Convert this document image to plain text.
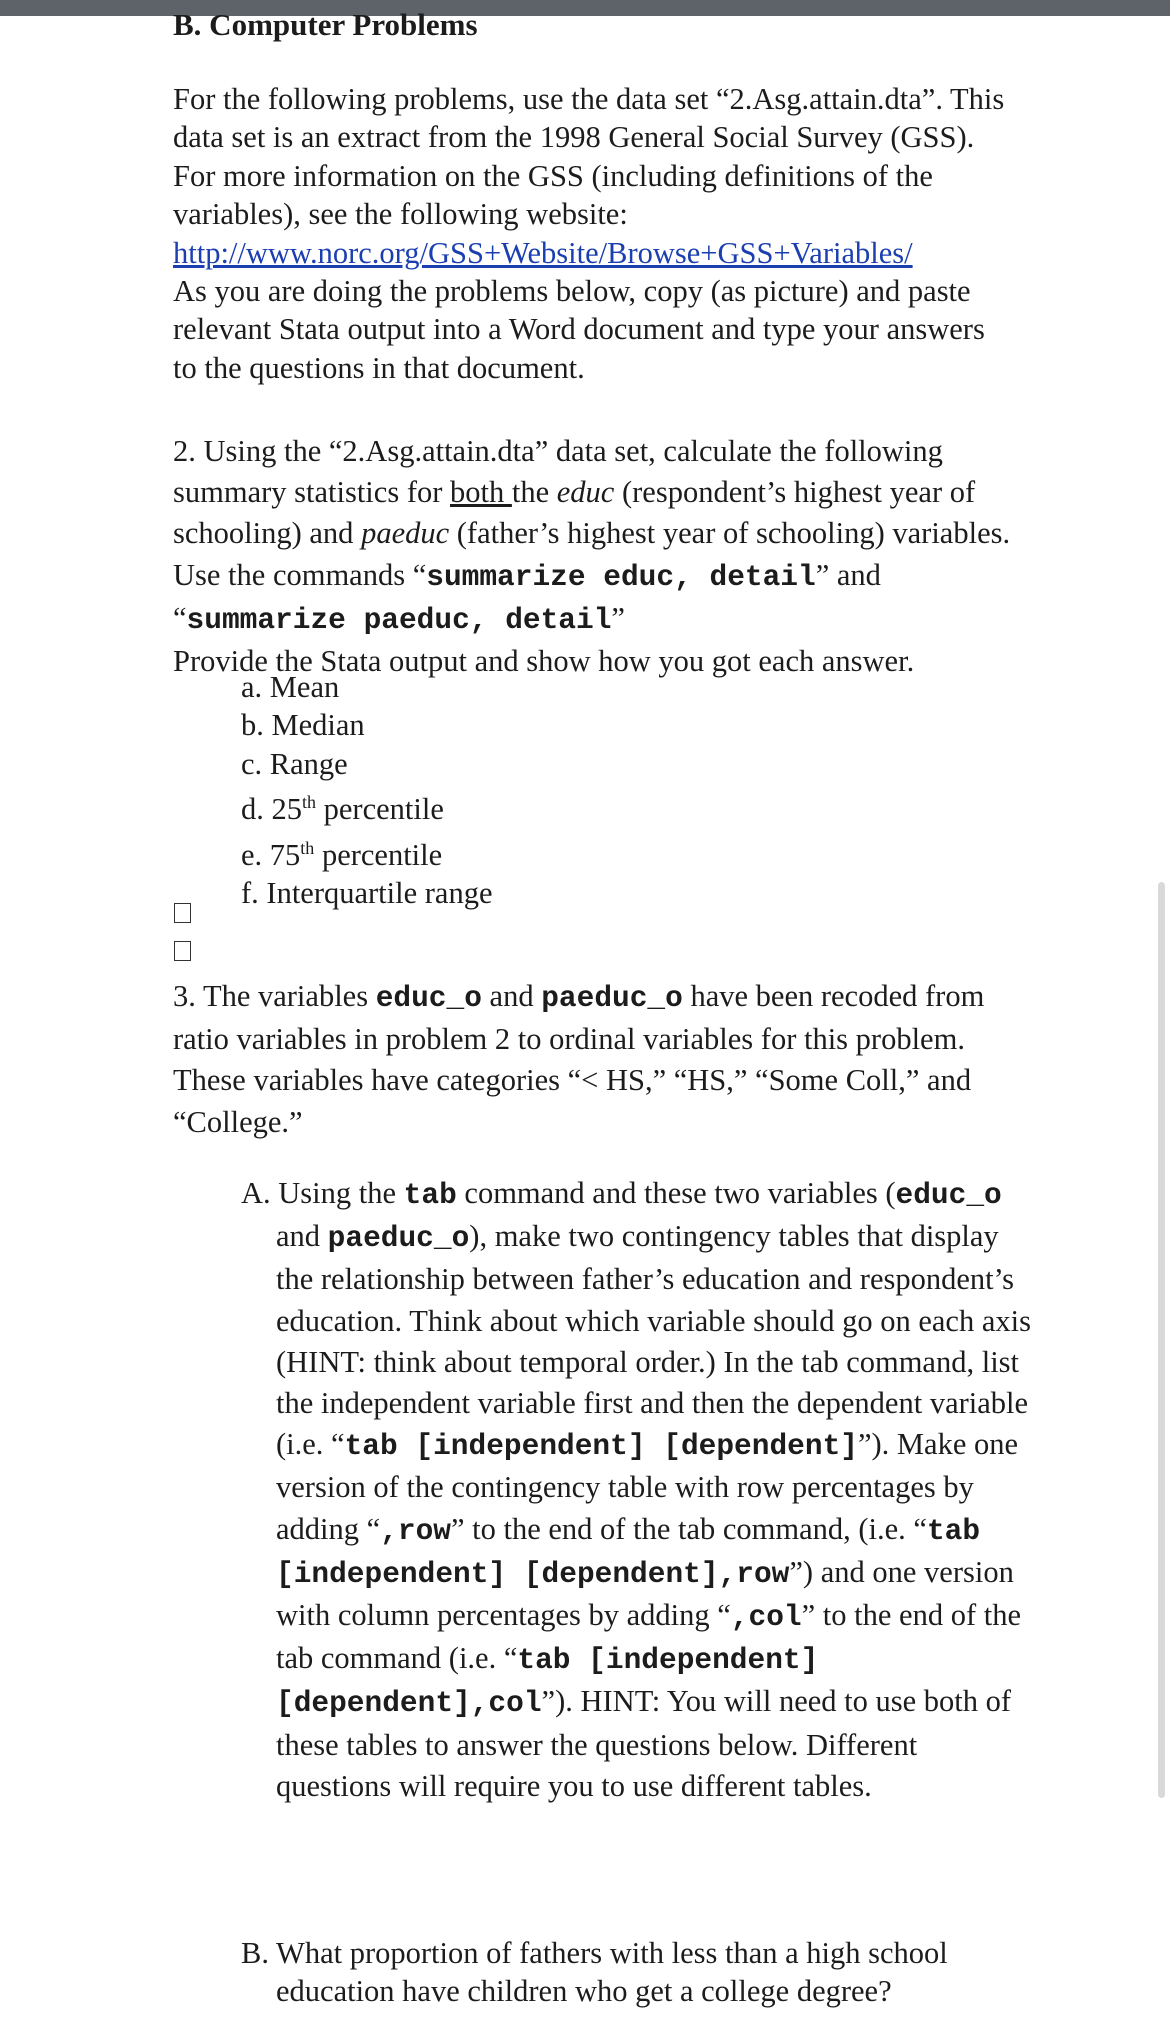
B. Computer Problems

For the following problems, use the data set “2.Asg.attain.dta”. This data set is an extract from the 1998 General Social Survey (GSS). For more information on the GSS (including definitions of the variables), see the following website:
http://www.norc.org/GSS+Website/Browse+GSS+Variables/
As you are doing the problems below, copy (as picture) and paste relevant Stata output into a Word document and type your answers to the questions in that document.

2. Using the “2.Asg.attain.dta” data set, calculate the following summary statistics for both the educ (respondent’s highest year of schooling) and paeduc (father’s highest year of schooling) variables. Use the commands “summarize educ, detail” and “summarize paeduc, detail”
Provide the Stata output and show how you got each answer.

a. Mean
b. Median
c. Range
d. 25th percentile
e. 75th percentile
f. Interquartile range

3. The variables educ_o and paeduc_o have been recoded from ratio variables in problem 2 to ordinal variables for this problem. These variables have categories “< HS,” “HS,” “Some Coll,” and “College.”

A. Using the tab command and these two variables (educ_o and paeduc_o), make two contingency tables that display the relationship between father’s education and respondent’s education. Think about which variable should go on each axis (HINT: think about temporal order.) In the tab command, list the independent variable first and then the dependent variable (i.e. “tab [independent] [dependent]”). Make one version of the contingency table with row percentages by adding “,row” to the end of the tab command, (i.e. “tab [independent] [dependent],row”) and one version with column percentages by adding “,col” to the end of the tab command (i.e. “tab [independent] [dependent],col”). HINT: You will need to use both of these tables to answer the questions below. Different questions will require you to use different tables.

B. What proportion of fathers with less than a high school education have children who get a college degree?
